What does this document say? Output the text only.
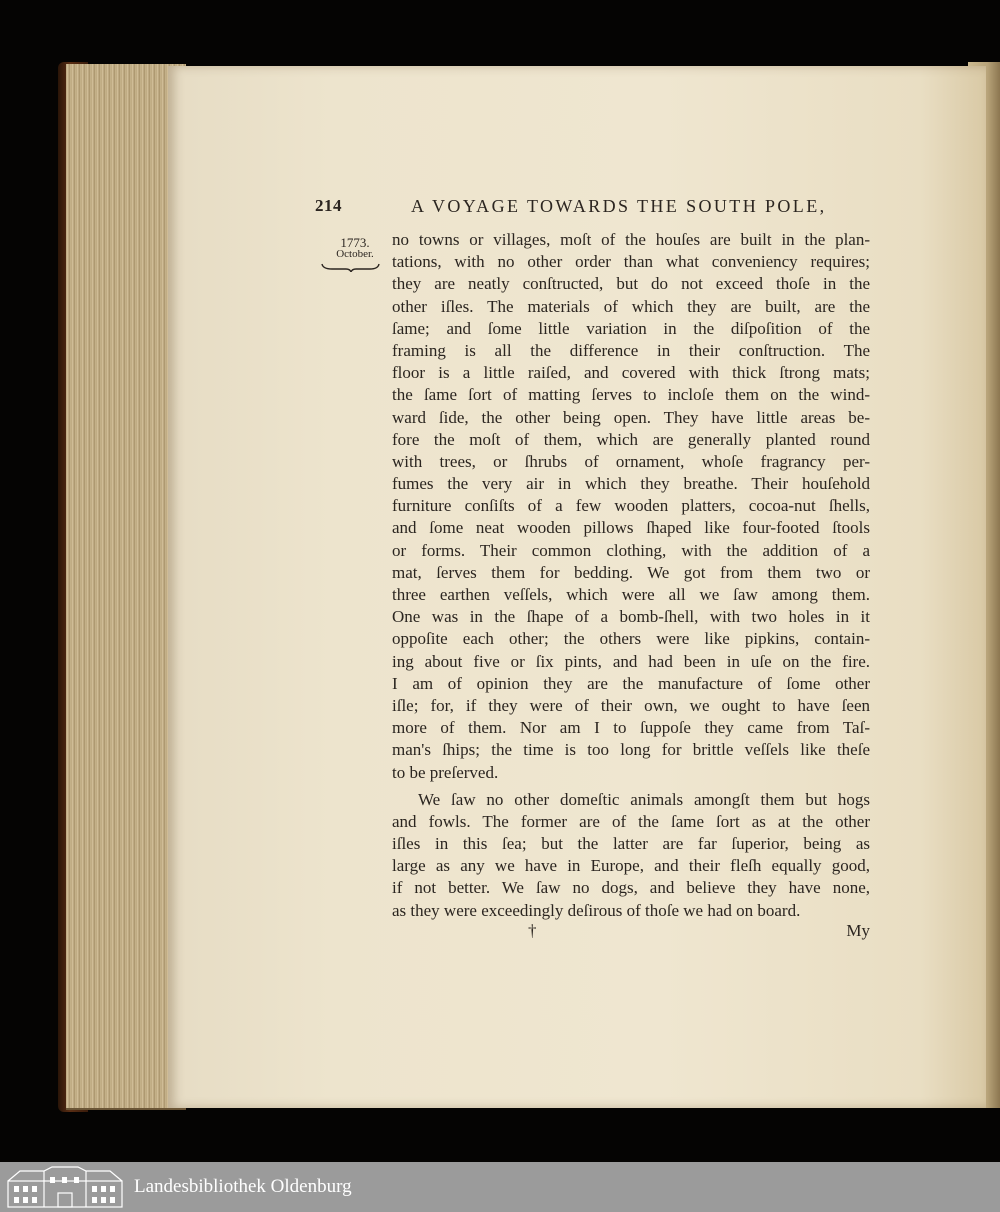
214	A VOYAGE TOWARDS THE SOUTH POLE,
1773.
October.
no towns or villages, moſt of the houſes are built in the plan-
tations, with no other order than what conveniency requires;
they are neatly conſtructed, but do not exceed thoſe in the
other iſles. The materials of which they are built, are the
ſame; and ſome little variation in the diſpoſition of the
framing is all the difference in their conſtruction. The
floor is a little raiſed, and covered with thick ſtrong mats;
the ſame ſort of matting ſerves to incloſe them on the wind-
ward ſide, the other being open. They have little areas be-
fore the moſt of them, which are generally planted round
with trees, or ſhrubs of ornament, whoſe fragrancy per-
fumes the very air in which they breathe. Their houſehold
furniture conſiſts of a few wooden platters, cocoa-nut ſhells,
and ſome neat wooden pillows ſhaped like four-footed ſtools
or forms. Their common clothing, with the addition of a
mat, ſerves them for bedding. We got from them two or
three earthen veſſels, which were all we ſaw among them.
One was in the ſhape of a bomb-ſhell, with two holes in it
oppoſite each other; the others were like pipkins, contain-
ing about five or ſix pints, and had been in uſe on the fire.
I am of opinion they are the manufacture of ſome other
iſle; for, if they were of their own, we ought to have ſeen
more of them. Nor am I to ſuppoſe they came from Taſ-
man's ſhips; the time is too long for brittle veſſels like theſe
to be preſerved.
We ſaw no other domeſtic animals amongſt them but hogs
and fowls. The former are of the ſame ſort as at the other
iſles in this ſea; but the latter are far ſuperior, being as
large as any we have in Europe, and their fleſh equally good,
if not better. We ſaw no dogs, and believe they have none,
as they were exceedingly deſirous of thoſe we had on board.
†	My
Landesbibliothek Oldenburg
